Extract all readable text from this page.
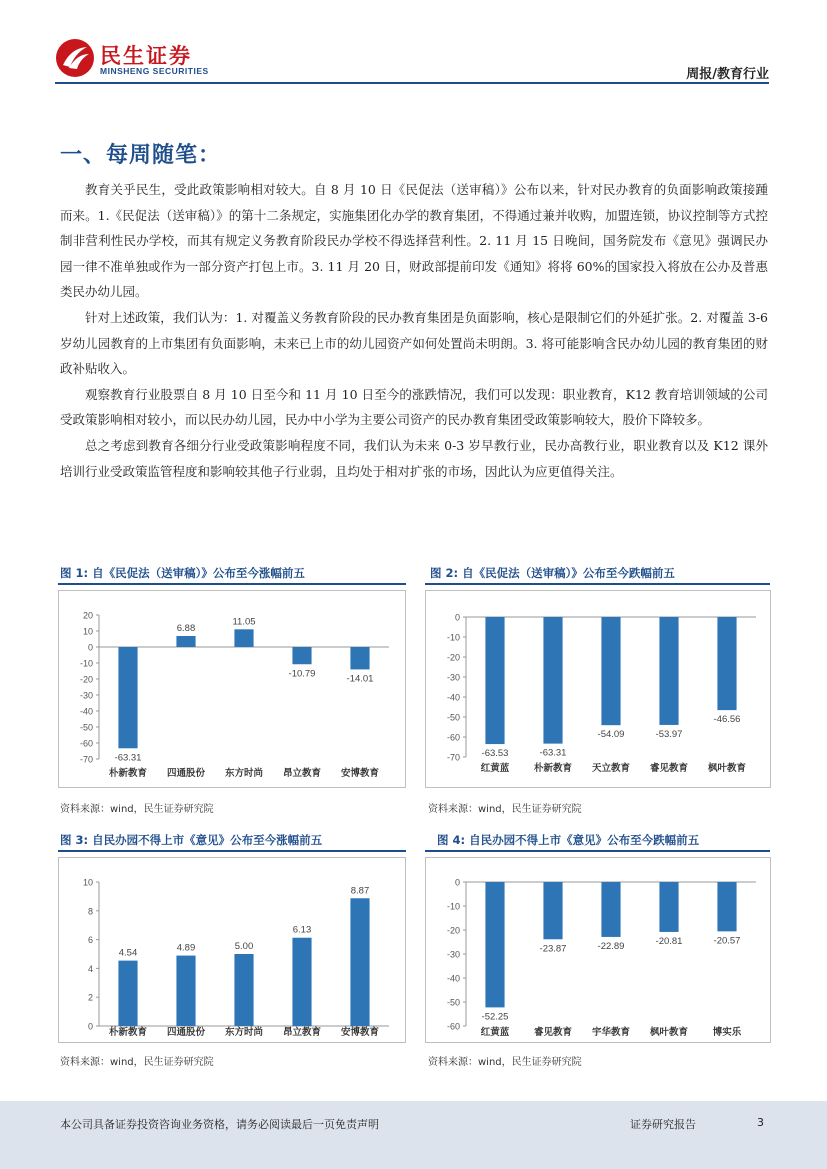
民生证券
MINSHENG SECURITIES	周报/教育行业
一、每周随笔：

教育关乎民生，受此政策影响相对较大。自 8 月 10 日《民促法（送审稿）》公布以来，针对民办教育的负面影响政策接踵而来。1.《民促法（送审稿）》的第十二条规定，实施集团化办学的教育集团，不得通过兼并收购，加盟连锁，协议控制等方式控制非营利性民办学校，而其有规定义务教育阶段民办学校不得选择营利性。2. 11 月 15 日晚间，国务院发布《意见》强调民办园一律不准单独或作为一部分资产打包上市。3. 11 月 20 日，财政部提前印发《通知》将将 60%的国家投入将放在公办及普惠类民办幼儿园。

针对上述政策，我们认为：1. 对覆盖义务教育阶段的民办教育集团是负面影响，核心是限制它们的外延扩张。2. 对覆盖 3-6 岁幼儿园教育的上市集团有负面影响，未来已上市的幼儿园资产如何处置尚未明朗。3. 将可能影响含民办幼儿园的教育集团的财政补贴收入。

观察教育行业股票自 8 月 10 日至今和 11 月 10 日至今的涨跌情况，我们可以发现：职业教育，K12 教育培训领域的公司受政策影响相对较小，而以民办幼儿园，民办中小学为主要公司资产的民办教育集团受政策影响较大，股价下降较多。

总之考虑到教育各细分行业受政策影响程度不同，我们认为未来 0-3 岁早教行业，民办高教行业，职业教育以及 K12 课外培训行业受政策监管程度和影响较其他子行业弱，且均处于相对扩张的市场，因此认为应更值得关注。

图 1: 自《民促法（送审稿）》公布至今涨幅前五
20
10
0
-10
-20
-30
-40
-50
-60
-70 -63.31
朴新教育
6.88
四通股份
11.05
东方时尚
-10.79
昂立教育
-14.01
安博教育
资料来源：wind，民生证券研究院
图 2: 自《民促法（送审稿）》公布至今跌幅前五
0
-10
-20
-30
-40
-50
-60
-70 -63.53
红黄蓝
-63.31
朴新教育
-54.09
天立教育
-53.97
睿见教育
-46.56
枫叶教育
资料来源：wind，民生证券研究院
图 3: 自民办园不得上市《意见》公布至今涨幅前五
10
8
6
4
2
0
4.54
朴新教育
4.89
四通股份
5.00
东方时尚
6.13
昂立教育
8.87
安博教育
资料来源：wind，民生证券研究院
图 4: 自民办园不得上市《意见》公布至今跌幅前五
0
-10
-20
-30
-40
-50
-60
-52.25
红黄蓝
-23.87
睿见教育
-22.89
宇华教育
-20.81
枫叶教育
-20.57
博实乐
资料来源：wind，民生证券研究院
本公司具备证券投资咨询业务资格，请务必阅读最后一页免责声明	证券研究报告	3
